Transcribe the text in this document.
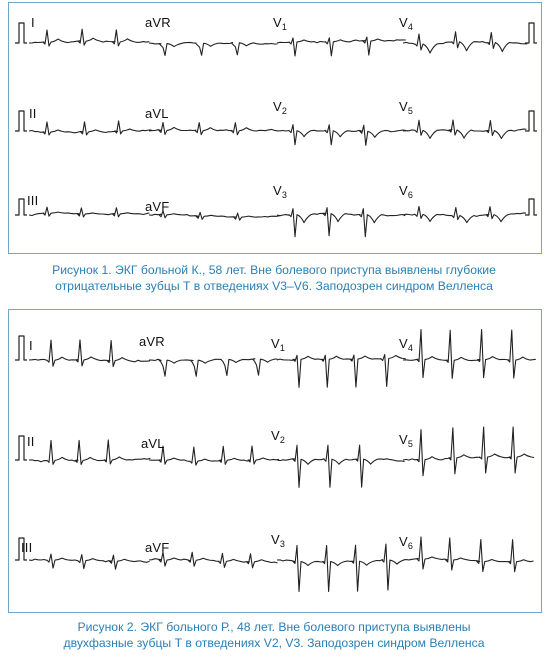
I	aVR	$V_1$	$V_4$
II	aVL	$V_2$	$V_5$
III	aVF
$V_3$	$V_6$
Рисунок 1. ЭКГ больной К., 58 лет. Вне болевого приступа выявлены глубокие
отрицательные зубцы Т в отведениях V3–V6. Заподозрен синдром Велленса
I	aVR	$V_1$	$V_4$
II	aVL
$V_2$	$V_5$
III	aVF
$V_3$	$V_6$
Рисунок 2. ЭКГ больного Р., 48 лет. Вне болевого приступа выявлены
двухфазные зубцы Т в отведениях V2, V3. Заподозрен синдром Велленса
